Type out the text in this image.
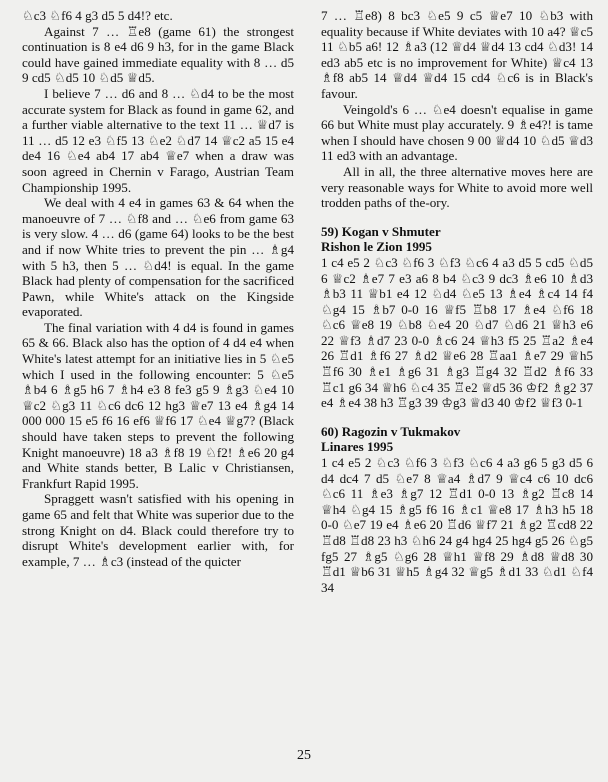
♘c3 ♘f6 4 g3 d5 5 d4!? etc.

Against 7 … ♖e8 (game 61) the strongest continuation is 8 e4 d6 9 h3, for in the game Black could have gained immediate equality with 8 … d5 9 cd5 ♘d5 10 ♘d5 ♕d5.

I believe 7 … d6 and 8 … ♘d4 to be the most accurate system for Black as found in game 62, and a further viable alternative to the text 11 … ♕d7 is 11 … d5 12 e3 ♘f5 13 ♘e2 ♘d7 14 ♕c2 a5 15 e4 de4 16 ♘e4 ab4 17 ab4 ♕e7 when a draw was soon agreed in Chernin v Farago, Austrian Team Championship 1995.

We deal with 4 e4 in games 63 & 64 when the manoeuvre of 7 … ♘f8 and … ♘e6 from game 63 is very slow. 4 … d6 (game 64) looks to be the best and if now White tries to prevent the pin … ♗g4 with 5 h3, then 5 … ♘d4! is equal. In the game Black had plenty of compensation for the sacrificed Pawn, while White's attack on the Kingside evaporated.

The final variation with 4 d4 is found in games 65 & 66. Black also has the option of 4 d4 e4 when White's latest attempt for an initiative lies in 5 ♘e5 which I used in the following encounter: 5 ♘e5 ♗b4 6 ♗g5 h6 7 ♗h4 e3 8 fe3 g5 9 ♗g3 ♘e4 10 ♕c2 ♘g3 11 ♘c6 dc6 12 hg3 ♕e7 13 e4 ♗g4 14 000 000 15 e5 f6 16 ef6 ♕f6 17 ♘e4 ♕g7? (Black should have taken steps to prevent the following Knight manoeuvre) 18 a3 ♗f8 19 ♘f2! ♗e6 20 g4 and White stands better, B Lalic v Christiansen, Frankfurt Rapid 1995.

Spraggett wasn't satisfied with his opening in game 65 and felt that White was superior due to the strong Knight on d4. Black could therefore try to disrupt White's development earlier with, for example, 7 … ♗c3 (instead of the quicter

7 … ♖e8) 8 bc3 ♘e5 9 c5 ♕e7 10 ♘b3 with equality because if White deviates with 10 a4? ♕c5 11 ♘b5 a6! 12 ♗a3 (12 ♕d4 ♕d4 13 cd4 ♘d3! 14 ed3 ab5 etc is no improvement for White) ♕c4 13 ♗f8 ab5 14 ♕d4 ♕d4 15 cd4 ♘c6 is in Black's favour.

Veingold's 6 … ♘e4 doesn't equalise in game 66 but White must play accurately. 9 ♗e4?! is tame when I should have chosen 9 00 ♕d4 10 ♘d5 ♕d3 11 ed3 with an advantage.

All in all, the three alternative moves here are very reasonable ways for White to avoid more well trodden paths of the-ory.

59) Kogan v Shmuter

Rishon le Zion 1995

1 c4 e5 2 ♘c3 ♘f6 3 ♘f3 ♘c6 4 a3 d5 5 cd5 ♘d5 6 ♕c2 ♗e7 7 e3 a6 8 b4 ♘c3 9 dc3 ♗e6 10 ♗d3 ♗b3 11 ♕b1 e4 12 ♘d4 ♘e5 13 ♗e4 ♗c4 14 f4 ♘g4 15 ♗b7 0-0 16 ♕f5 ♖b8 17 ♗e4 ♘f6 18 ♘c6 ♕e8 19 ♘b8 ♘e4 20 ♘d7 ♘d6 21 ♕h3 e6 22 ♕f3 ♗d7 23 0-0 ♗c6 24 ♕h3 f5 25 ♖a2 ♗e4 26 ♖d1 ♗f6 27 ♗d2 ♕e6 28 ♖aa1 ♗e7 29 ♕h5 ♖f6 30 ♗e1 ♗g6 31 ♗g3 ♖g4 32 ♖d2 ♗f6 33 ♖c1 g6 34 ♕h6 ♘c4 35 ♖e2 ♕d5 36 ♔f2 ♗g2 37 e4 ♗e4 38 h3 ♖g3 39 ♔g3 ♕d3 40 ♔f2 ♕f3 0-1

60) Ragozin v Tukmakov

Linares 1995

1 c4 e5 2 ♘c3 ♘f6 3 ♘f3 ♘c6 4 a3 g6 5 g3 d5 6 d4 dc4 7 d5 ♘e7 8 ♕a4 ♗d7 9 ♕c4 c6 10 dc6 ♘c6 11 ♗e3 ♗g7 12 ♖d1 0-0 13 ♗g2 ♖c8 14 ♕h4 ♘g4 15 ♗g5 f6 16 ♗c1 ♕e8 17 ♗h3 h5 18 0-0 ♘e7 19 e4 ♗e6 20 ♖d6 ♕f7 21 ♗g2 ♖cd8 22 ♖d8 ♖d8 23 h3 ♘h6 24 g4 hg4 25 hg4 g5 26 ♘g5 fg5 27 ♗g5 ♘g6 28 ♕h1 ♕f8 29 ♗d8 ♕d8 30 ♖d1 ♕b6 31 ♕h5 ♗g4 32 ♕g5 ♗d1 33 ♘d1 ♘f4 34

25
